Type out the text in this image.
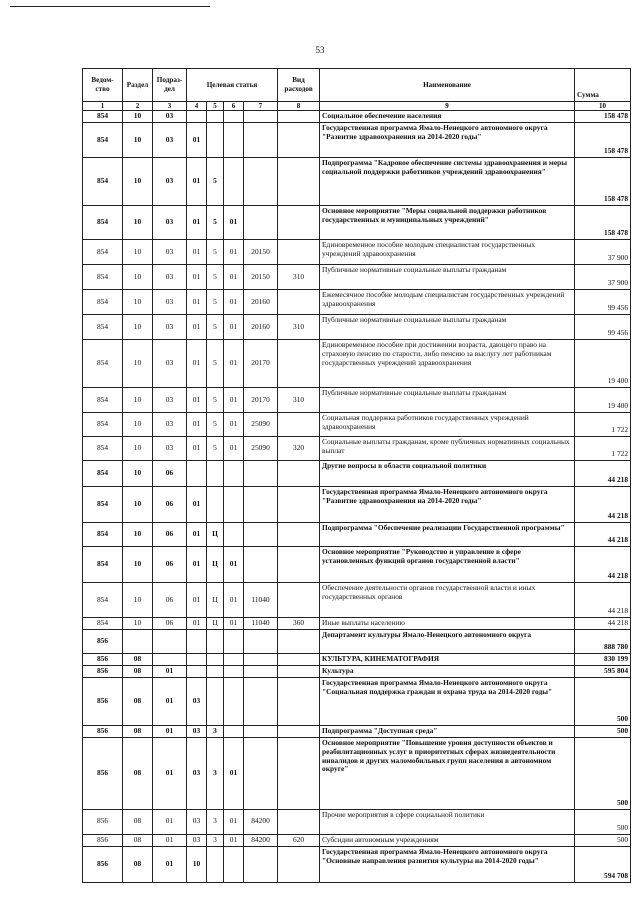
53
Ведом-ство	Раздел	Подраз-дел	Целевая статья				Вид расходов	Наименование	Сумма
1	2	3	4	5	6	7	8	9	10
854	10	03						Социальное обеспечение населения	158 478
854	10	03	01					Государственная программа Ямало-Ненецкого автономного округа "Развитие здравоохранения на 2014-2020 годы"	158 478
854	10	03	01	5				Подпрограмма "Кадровое обеспечение системы здравоохранения и меры социальной поддержки работников учреждений здравоохранения"	158 478
854	10	03	01	5	01			Основное мероприятие "Меры социальной поддержки работников государственных и муниципальных учреждений"	158 478
854	10	03	01	5	01	20150		Единовременное пособие молодым специалистам государственных учреждений здравоохранения	37 900
854	10	03	01	5	01	20150	310	Публичные нормативные социальные выплаты гражданам	37 900
854	10	03	01	5	01	20160		Ежемесячное пособие молодым специалистам государственных учреждений здравоохранения	99 456
854	10	03	01	5	01	20160	310	Публичные нормативные социальные выплаты гражданам	99 456
854	10	03	01	5	01	20170		Единовременное пособие при достижении возраста, дающего право на страховую пенсию по старости, либо пенсию за выслугу лет работникам государственных учреждений здравоохранения	19 400
854	10	03	01	5	01	20170	310	Публичные нормативные социальные выплаты гражданам	19 400
854	10	03	01	5	01	25090		Социальная поддержка работников государственных учреждений здравоохранения	1 722
854	10	03	01	5	01	25090	320	Социальные выплаты гражданам, кроме публичных нормативных социальных выплат	1 722
854	10	06						Другие вопросы в области социальной политики	44 218
854	10	06	01					Государственная программа Ямало-Ненецкого автономного округа "Развитие здравоохранения на 2014-2020 годы"	44 218
854	10	06	01	Ц				Подпрограмма "Обеспечение реализации Государственной программы"	44 218
854	10	06	01	Ц	01			Основное мероприятие "Руководство и управление в сфере установленных функций органов государственной власти"	44 218
854	10	06	01	Ц	01	11040		Обеспечение деятельности органов государственной власти и иных государственных органов	44 218
854	10	06	01	Ц	01	11040	360	Иные выплаты населению	44 218
856								Департамент культуры Ямало-Ненецкого автономного округа	888 780
856	08							КУЛЬТУРА, КИНЕМАТОГРАФИЯ	830 199
856	08	01						Культура	595 804
856	08	01	03					Государственная программа Ямало-Ненецкого автономного округа "Социальная поддержка граждан и охрана труда на 2014-2020 годы"	500
856	08	01	03	3				Подпрограмма "Доступная среда"	500
856	08	01	03	3	01			Основное мероприятие "Повышение уровня доступности объектов и реабилитационных услуг в приоритетных сферах жизнедеятельности инвалидов и других маломобильных групп населения в автономном округе"	500
856	08	01	03	3	01	84200		Прочие мероприятия в сфере социальной политики	500
856	08	01	03	3	01	84200	620	Субсидии автономным учреждениям	500
856	08	01	10					Государственная программа Ямало-Ненецкого автономного округа "Основные направления развития культуры на 2014-2020 годы"	594 708
